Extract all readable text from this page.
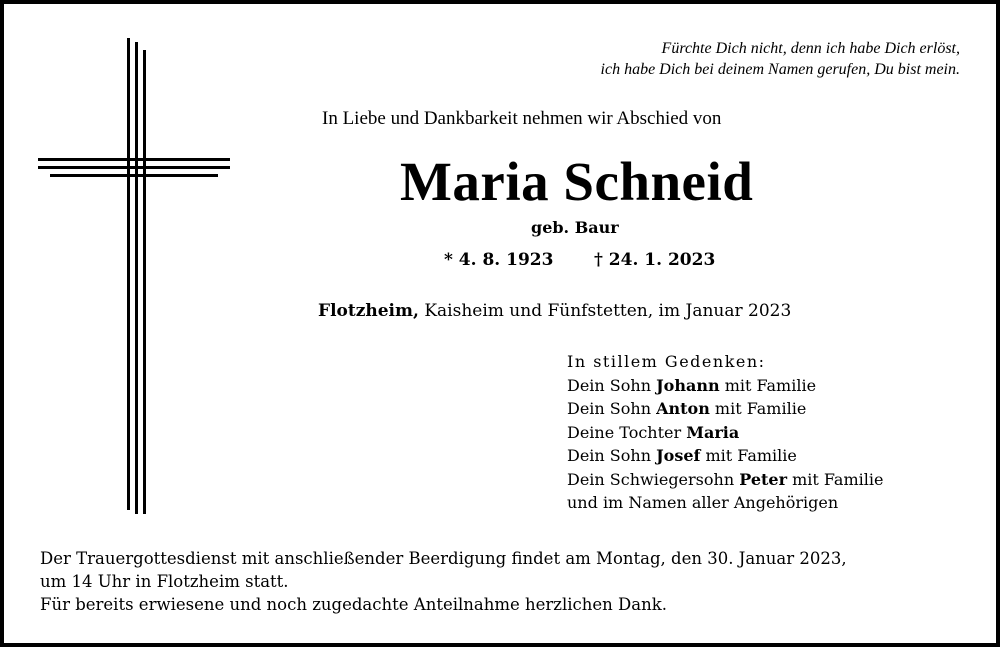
Fürchte Dich nicht, denn ich habe Dich erlöst,
ich habe Dich bei deinem Namen gerufen, Du bist mein.
In Liebe und Dankbarkeit nehmen wir Abschied von
Maria Schneid
geb. Baur
* 4. 8. 1923 † 24. 1. 2023
Flotzheim, Kaisheim und Fünfstetten, im Januar 2023
In stillem Gedenken:
Dein Sohn Johann mit Familie
Dein Sohn Anton mit Familie
Deine Tochter Maria
Dein Sohn Josef mit Familie
Dein Schwiegersohn Peter mit Familie
und im Namen aller Angehörigen
Der Trauergottesdienst mit anschließender Beerdigung findet am Montag, den 30. Januar 2023,
um 14 Uhr in Flotzheim statt.
Für bereits erwiesene und noch zugedachte Anteilnahme herzlichen Dank.
